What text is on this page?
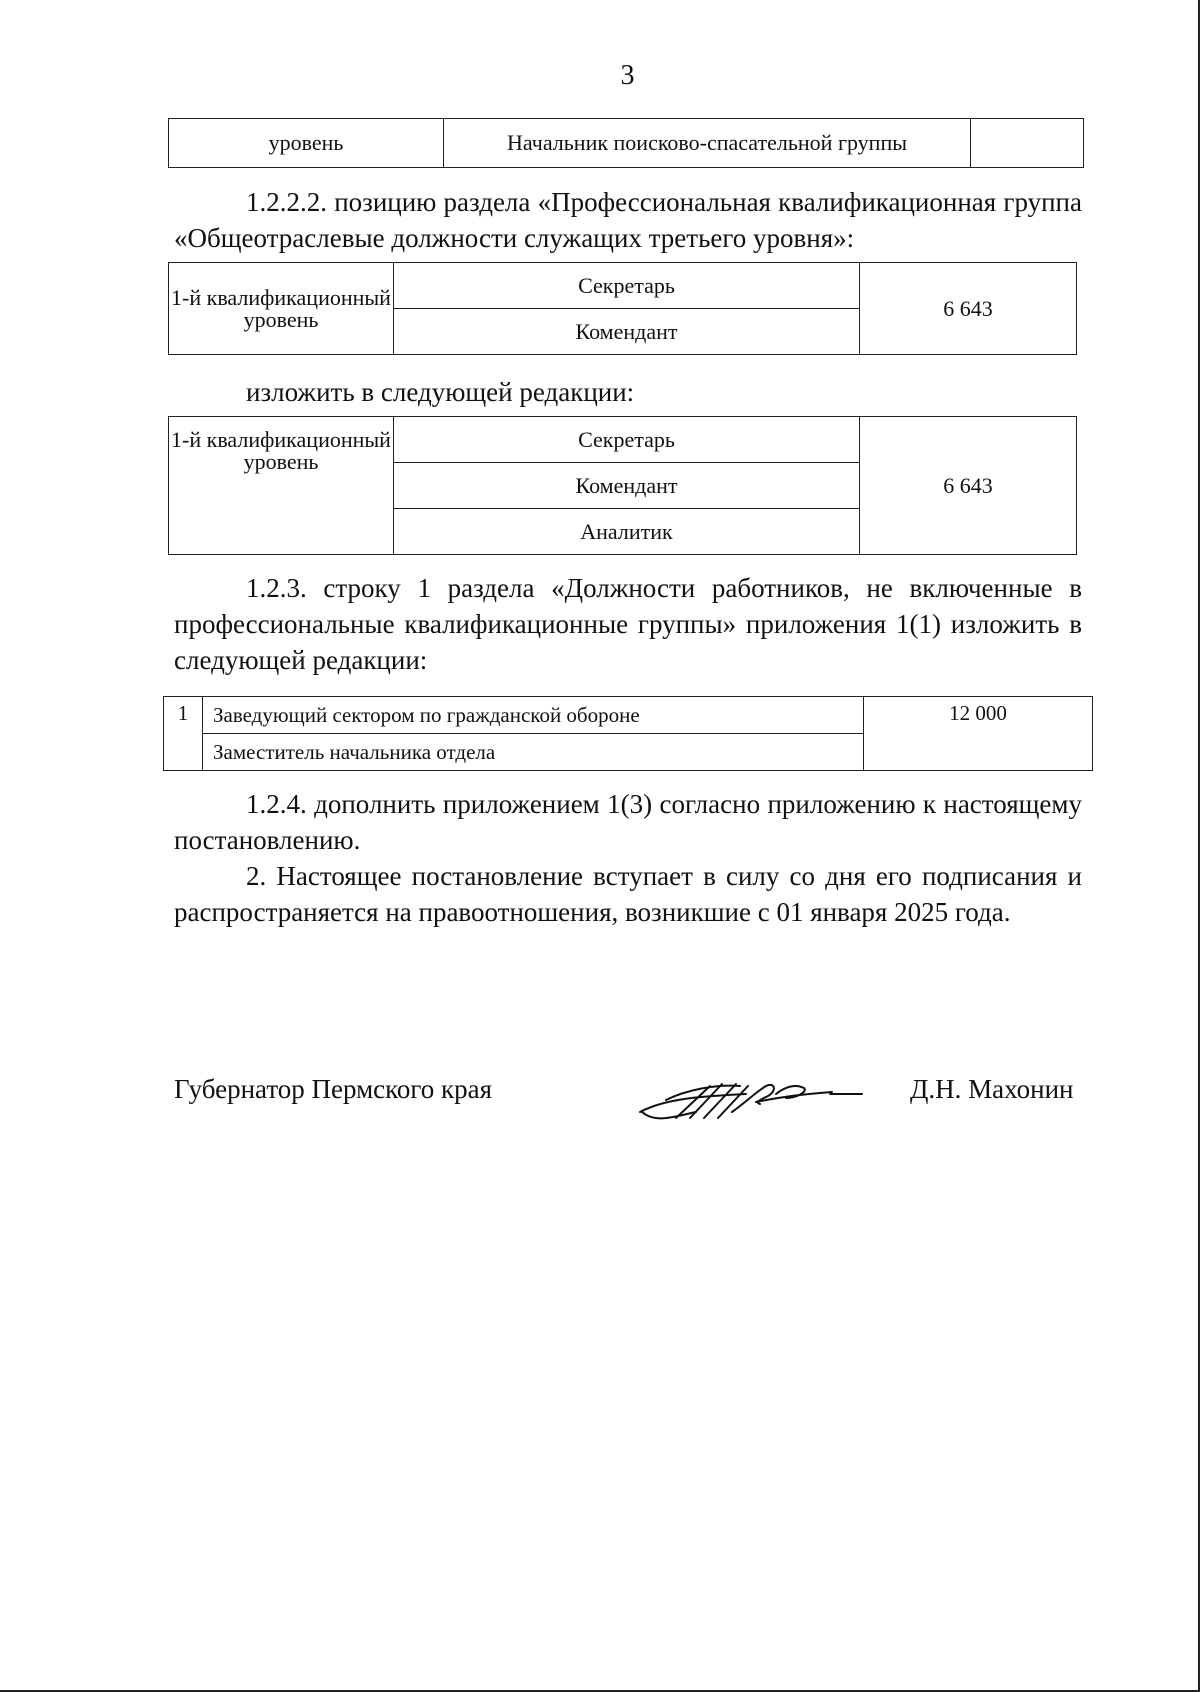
3
уровень	Начальник поисково-спасательной группы	

1.2.2.2. позицию раздела «Профессиональная квалификационная группа «Общеотраслевые должности служащих третьего уровня»:

1-й квалификационный уровень	Секретарь	6 643
Комендант

изложить в следующей редакции:

1-й квалификационный уровень	Секретарь	6 643
Комендант
Аналитик

1.2.3. строку 1 раздела «Должности работников, не включенные в профессиональные квалификационные группы» приложения 1(1) изложить в следующей редакции:

1	Заведующий сектором по гражданской обороне	12 000
Заместитель начальника отдела

1.2.4. дополнить приложением 1(3) согласно приложению к настоящему постановлению.

2. Настоящее постановление вступает в силу со дня его подписания и распространяется на правоотношения, возникшие с 01 января 2025 года.

Губернатор Пермского края	Д.Н. Махонин
